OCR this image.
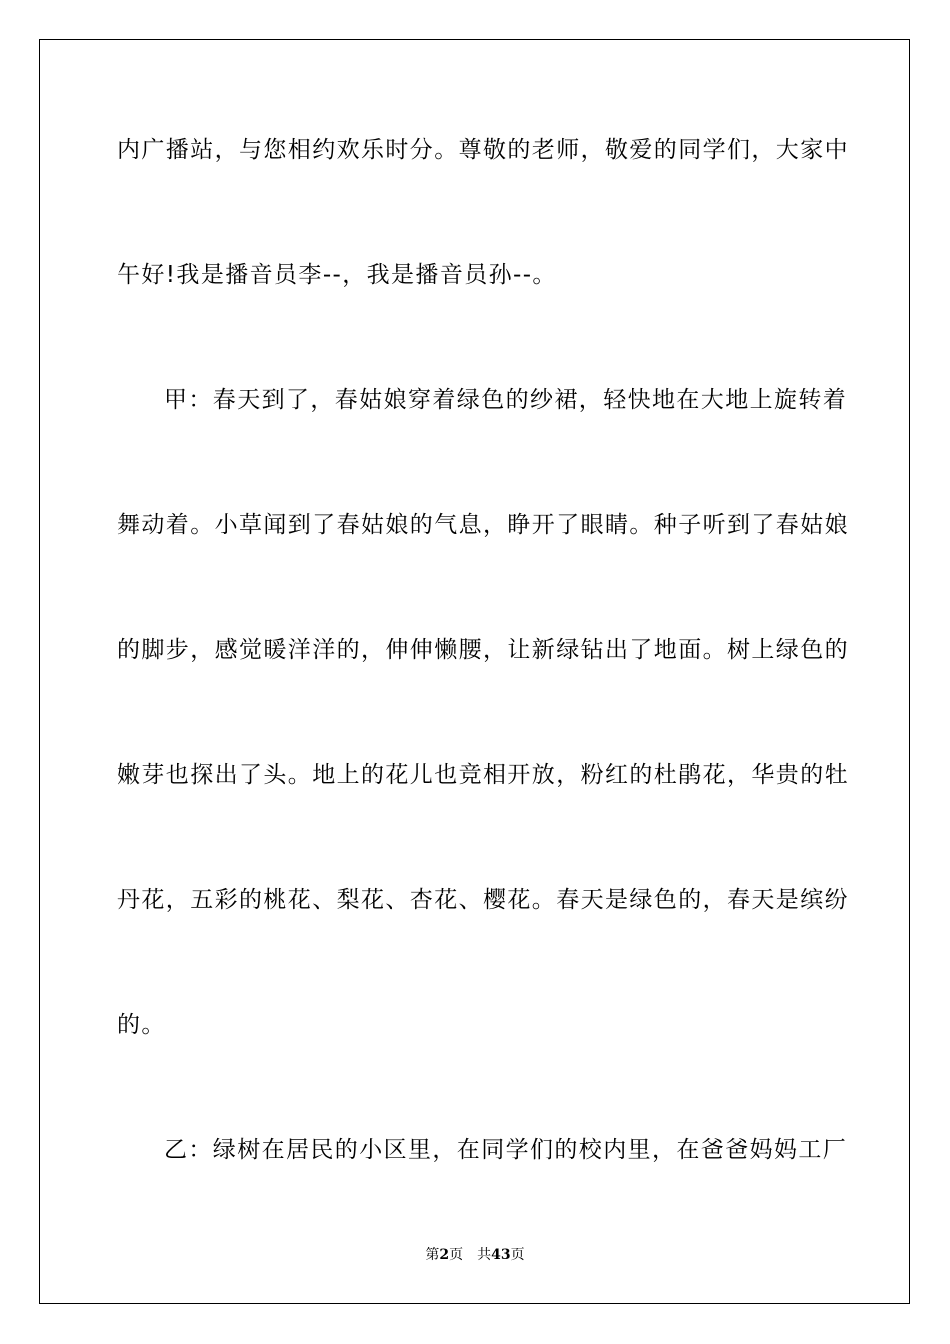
内广播站，与您相约欢乐时分。尊敬的老师，敬爱的同学们，大家中
午好!我是播音员李--，我是播音员孙--。
甲：春天到了，春姑娘穿着绿色的纱裙，轻快地在大地上旋转着
舞动着。小草闻到了春姑娘的气息，睁开了眼睛。种子听到了春姑娘
的脚步，感觉暖洋洋的，伸伸懒腰，让新绿钻出了地面。树上绿色的
嫩芽也探出了头。地上的花儿也竞相开放，粉红的杜鹃花，华贵的牡
丹花，五彩的桃花、梨花、杏花、樱花。春天是绿色的，春天是缤纷
的。
乙：绿树在居民的小区里，在同学们的校内里，在爸爸妈妈工厂
第2页 共43页
